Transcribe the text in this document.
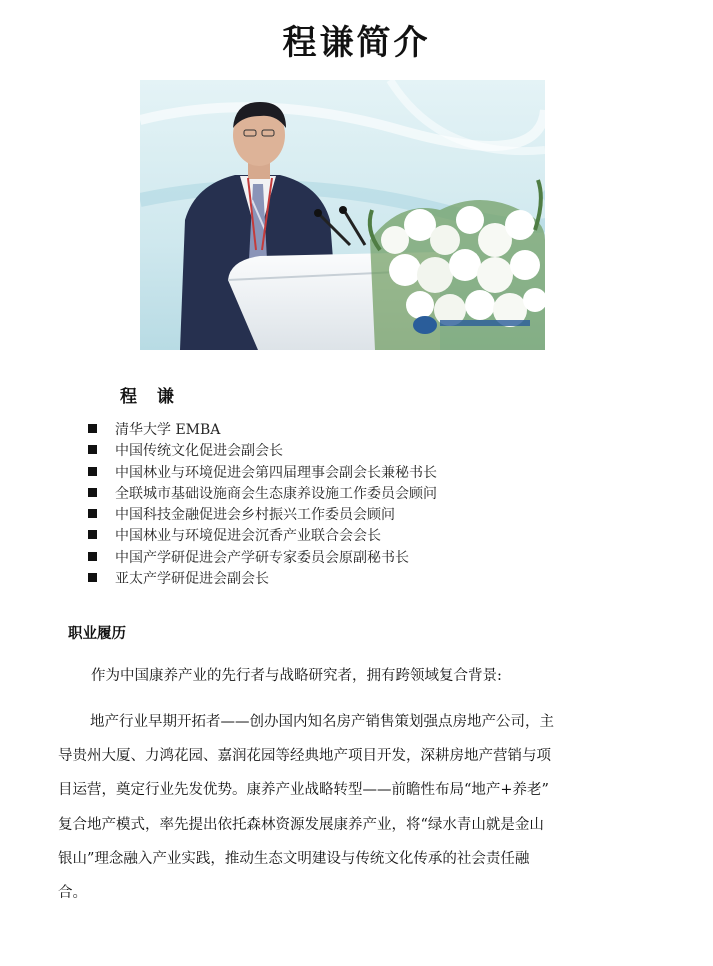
程谦简介
程 谦
清华大学 EMBA
中国传统文化促进会副会长
中国林业与环境促进会第四届理事会副会长兼秘书长
全联城市基础设施商会生态康养设施工作委员会顾问
中国科技金融促进会乡村振兴工作委员会顾问
中国林业与环境促进会沉香产业联合会会长
中国产学研促进会产学研专家委员会原副秘书长
亚太产学研促进会副会长
职业履历
作为中国康养产业的先行者与战略研究者，拥有跨领域复合背景:

地产行业早期开拓者——创办国内知名房产销售策划强点房地产公司，主
导贵州大厦、力鸿花园、嘉润花园等经典地产项目开发，深耕房地产营销与项
目运营，奠定行业先发优势。康养产业战略转型——前瞻性布局“地产+养老”
复合地产模式，率先提出依托森林资源发展康养产业，将“绿水青山就是金山
银山”理念融入产业实践，推动生态文明建设与传统文化传承的社会责任融
合。
